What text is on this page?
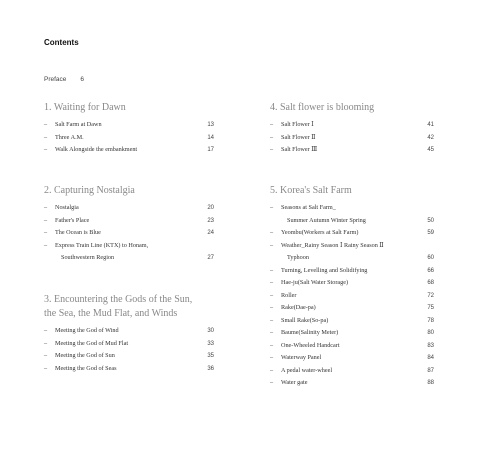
Contents
Preface 6
1. Waiting for Dawn
– Salt Farm at Dawn	13
– Three A.M.	14
– Walk Alongside the embankment	17
2. Capturing Nostalgia
– Nostalgia	20
– Father's Place	23
– The Ocean is Blue	24
– Express Train Line (KTX) to Honam,
Southwestern Region	27
3. Encountering the Gods of the Sun,
the Sea, the Mud Flat, and Winds
– Meeting the God of Wind	30
– Meeting the God of Mud Flat	33
– Meeting the God of Sun	35
– Meeting the God of Seas	36
4. Salt flower is blooming
– Salt Flower Ⅰ	41
– Salt Flower Ⅱ	42
– Salt Flower Ⅲ	45
5. Korea's Salt Farm
– Seasons at Salt Farm_
Summer Autumn Winter Spring	50
– Yeombu(Workers at Salt Farm)	59
– Weather_Rainy Season Ⅰ Rainy Season Ⅱ
Typhoon	60
– Turning, Levelling and Solidifying	66
– Hae-ju(Salt Water Storage)	68
– Roller	72
– Rake(Dae-pa)	75
– Small Rake(So-pa)	78
– Baume(Salinity Meter)	80
– One-Wheeled Handcart	83
– Waterway Panel	84
– A pedal water-wheel	87
– Water gate	88
